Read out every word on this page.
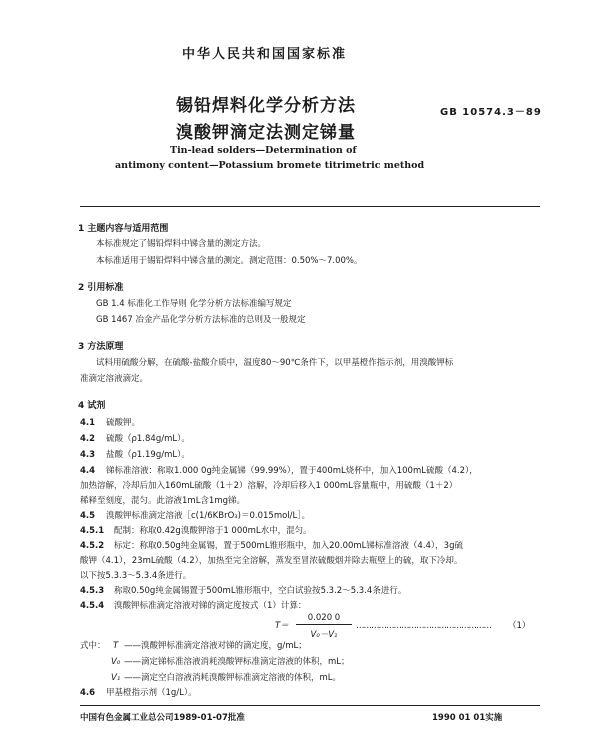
中华人民共和国国家标准
锡铅焊料化学分析方法
溴酸钾滴定法测定锑量
GB 10574.3－89
Tin-lead solders—Determination of
antimony content—Potassium bromete titrimetric method
1 主题内容与适用范围
本标准规定了锡铅焊料中锑含量的测定方法。
本标准适用于锡铅焊料中锑含量的测定。测定范围：0.50%～7.00%。
2 引用标准
GB 1.4 标准化工作导则 化学分析方法标准编写规定
GB 1467 冶金产品化学分析方法标准的总则及一般规定
3 方法原理
试料用硫酸分解，在硫酸-盐酸介质中，温度80～90℃条件下，以甲基橙作指示剂，用溴酸钾标
准滴定溶液滴定。
4 试剂
4.1 硫酸钾。
4.2 硫酸（ρ1.84g/mL）。
4.3 盐酸（ρ1.19g/mL）。
4.4 锑标准溶液：称取1.000 0g纯金属锑（99.99%），置于400mL烧杯中，加入100mL硫酸（4.2），
加热溶解，冷却后加入160mL硫酸（1＋2）溶解，冷却后移入1 000mL容量瓶中，用硫酸（1＋2）
稀释至刻度，混匀。此溶液1mL含1mg锑。
4.5 溴酸钾标准滴定溶液［c(1/6KBrO₃)＝0.015mol/L］。
4.5.1 配制：称取0.42g溴酸钾溶于1 000mL水中，混匀。
4.5.2 标定：称取0.50g纯金属锡，置于500mL锥形瓶中，加入20.00mL锑标准溶液（4.4），3g硫
酸钾（4.1），23mL硫酸（4.2），加热至完全溶解，蒸发至冒浓硫酸烟并除去瓶壁上的硫，取下冷却。
以下按5.3.3～5.3.4条进行。
4.5.3 称取0.50g纯金属锡置于500mL锥形瓶中，空白试验按5.3.2～5.3.4条进行。
4.5.4 溴酸钾标准滴定溶液对锑的滴定度按式（1）计算：
T＝
0.020 0
V₀－V₁
………………………………………………	（1）
式中： T ——溴酸钾标准滴定溶液对锑的滴定度，g/mL；
V₀ ——滴定锑标准溶液消耗溴酸钾标准滴定溶液的体积，mL；
V₁ ——滴定空白溶液消耗溴酸钾标准滴定溶液的体积，mL。
4.6 甲基橙指示剂（1g/L）。
中国有色金属工业总公司1989-01-07批准	1990 01 01实施
